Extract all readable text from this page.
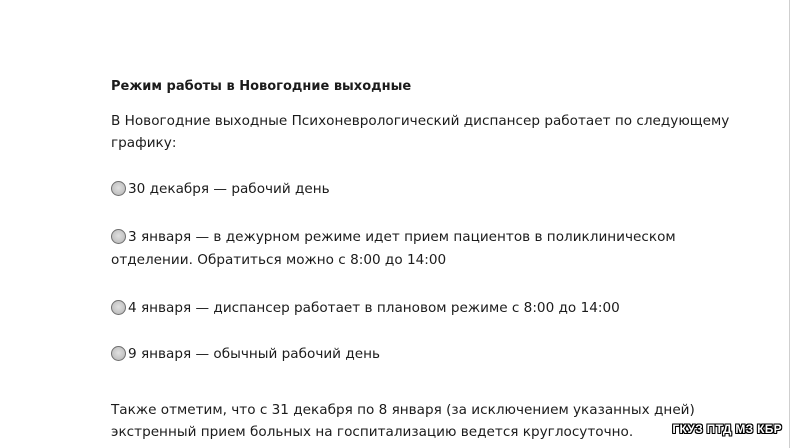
Режим работы в Новогодние выходные
В Новогодние выходные Психоневрологический диспансер работает по следующему графику:
30 декабря — рабочий день
3 января — в дежурном режиме идет прием пациентов в поликлиническом отделении. Обратиться можно с 8:00 до 14:00
4 января — диспансер работает в плановом режиме с 8:00 до 14:00
9 января — обычный рабочий день
Также отметим, что с 31 декабря по 8 января (за исключением указанных дней) экстренный прием больных на госпитализацию ведется круглосуточно.	ГКУЗ ПТД МЗ КБР
